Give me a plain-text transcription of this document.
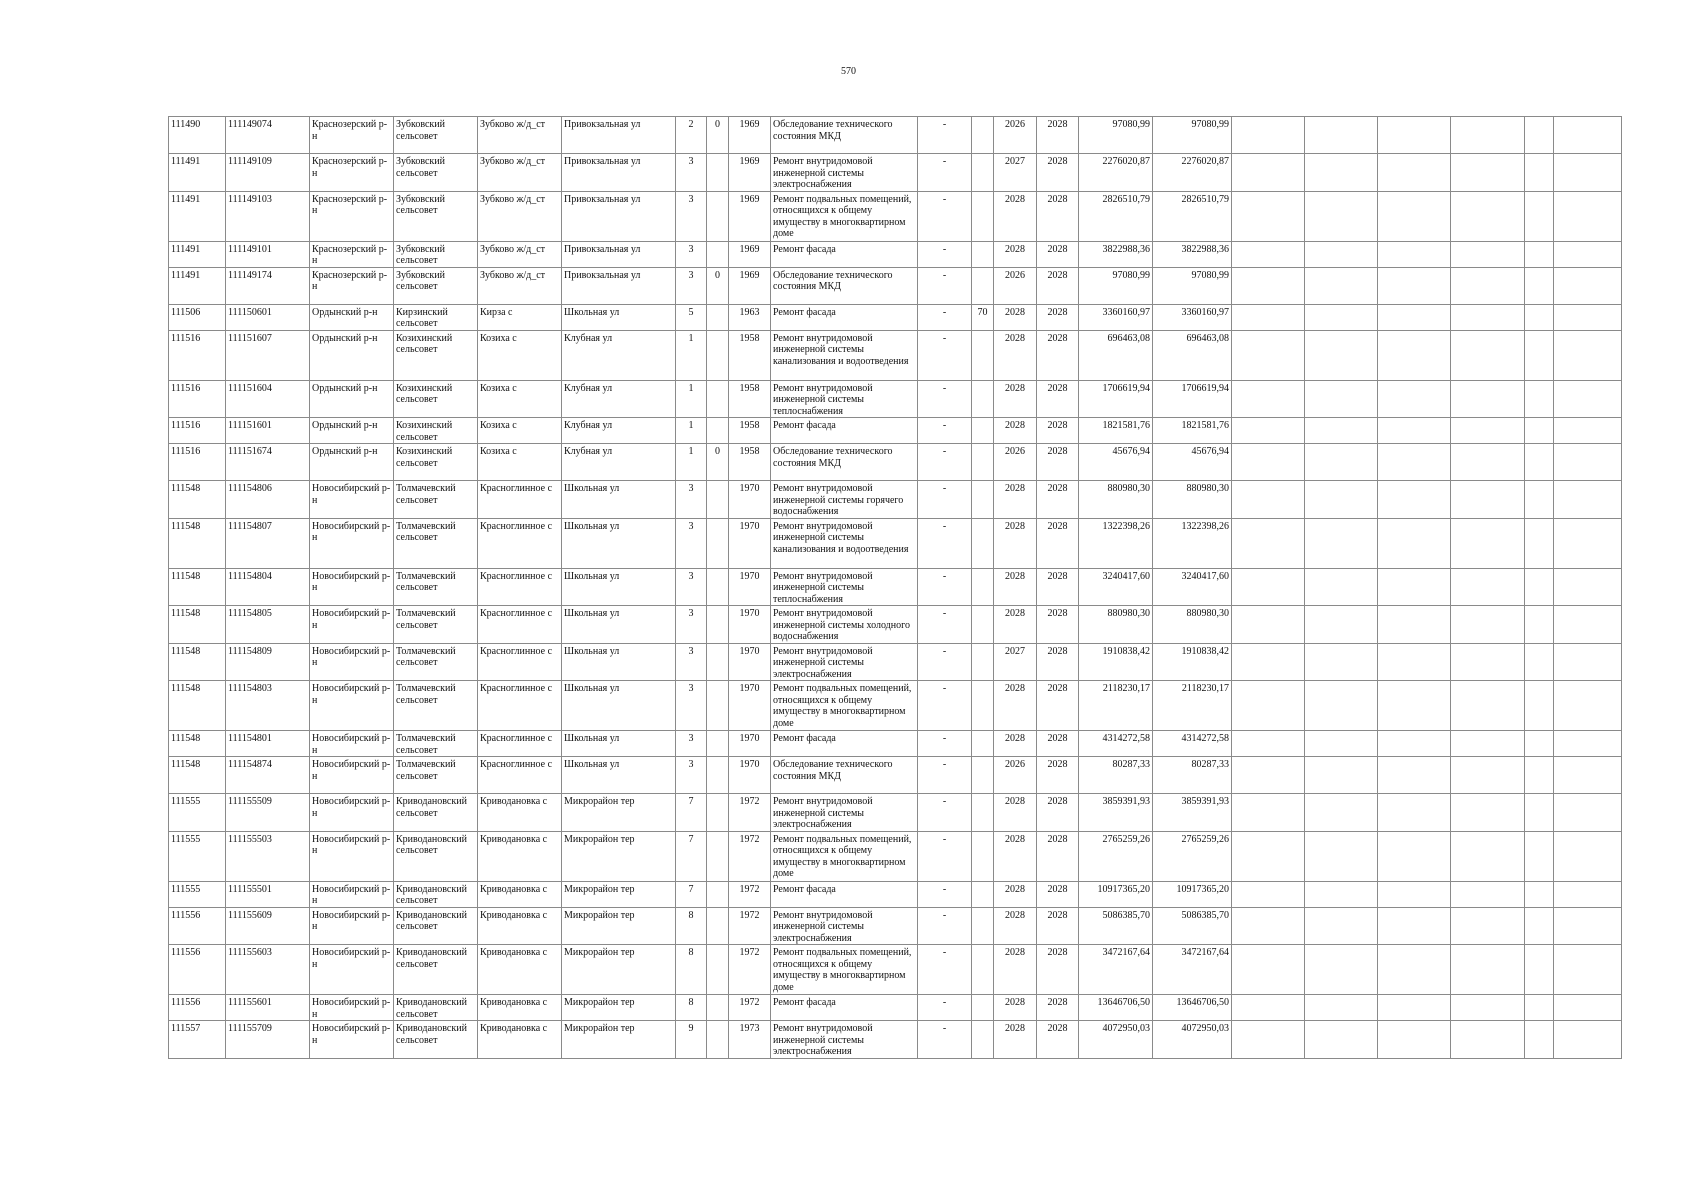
570
111490	111149074	Краснозерский р-н	Зубковский сельсовет	Зубково ж/д_ст	Привокзальная ул	2	0	1969	Обследование технического состояния МКД	-		2026	2028	97080,99	97080,99						
111491	111149109	Краснозерский р-н	Зубковский сельсовет	Зубково ж/д_ст	Привокзальная ул	3		1969	Ремонт внутридомовой инженерной системы электроснабжения	-		2027	2028	2276020,87	2276020,87						
111491	111149103	Краснозерский р-н	Зубковский сельсовет	Зубково ж/д_ст	Привокзальная ул	3		1969	Ремонт подвальных помещений, относящихся к общему имуществу в многоквартирном доме	-		2028	2028	2826510,79	2826510,79						
111491	111149101	Краснозерский р-н	Зубковский сельсовет	Зубково ж/д_ст	Привокзальная ул	3		1969	Ремонт фасада	-		2028	2028	3822988,36	3822988,36						
111491	111149174	Краснозерский р-н	Зубковский сельсовет	Зубково ж/д_ст	Привокзальная ул	3	0	1969	Обследование технического состояния МКД	-		2026	2028	97080,99	97080,99						
111506	111150601	Ордынский р-н	Кирзинский сельсовет	Кирза с	Школьная ул	5		1963	Ремонт фасада	-	70	2028	2028	3360160,97	3360160,97						
111516	111151607	Ордынский р-н	Козихинский сельсовет	Козиха с	Клубная ул	1		1958	Ремонт внутридомовой инженерной системы канализования и водоотведения	-		2028	2028	696463,08	696463,08						
111516	111151604	Ордынский р-н	Козихинский сельсовет	Козиха с	Клубная ул	1		1958	Ремонт внутридомовой инженерной системы теплоснабжения	-		2028	2028	1706619,94	1706619,94						
111516	111151601	Ордынский р-н	Козихинский сельсовет	Козиха с	Клубная ул	1		1958	Ремонт фасада	-		2028	2028	1821581,76	1821581,76						
111516	111151674	Ордынский р-н	Козихинский сельсовет	Козиха с	Клубная ул	1	0	1958	Обследование технического состояния МКД	-		2026	2028	45676,94	45676,94						
111548	111154806	Новосибирский р-н	Толмачевский сельсовет	Красноглинное с	Школьная ул	3		1970	Ремонт внутридомовой инженерной системы горячего водоснабжения	-		2028	2028	880980,30	880980,30						
111548	111154807	Новосибирский р-н	Толмачевский сельсовет	Красноглинное с	Школьная ул	3		1970	Ремонт внутридомовой инженерной системы канализования и водоотведения	-		2028	2028	1322398,26	1322398,26						
111548	111154804	Новосибирский р-н	Толмачевский сельсовет	Красноглинное с	Школьная ул	3		1970	Ремонт внутридомовой инженерной системы теплоснабжения	-		2028	2028	3240417,60	3240417,60						
111548	111154805	Новосибирский р-н	Толмачевский сельсовет	Красноглинное с	Школьная ул	3		1970	Ремонт внутридомовой инженерной системы холодного водоснабжения	-		2028	2028	880980,30	880980,30						
111548	111154809	Новосибирский р-н	Толмачевский сельсовет	Красноглинное с	Школьная ул	3		1970	Ремонт внутридомовой инженерной системы электроснабжения	-		2027	2028	1910838,42	1910838,42						
111548	111154803	Новосибирский р-н	Толмачевский сельсовет	Красноглинное с	Школьная ул	3		1970	Ремонт подвальных помещений, относящихся к общему имуществу в многоквартирном доме	-		2028	2028	2118230,17	2118230,17						
111548	111154801	Новосибирский р-н	Толмачевский сельсовет	Красноглинное с	Школьная ул	3		1970	Ремонт фасада	-		2028	2028	4314272,58	4314272,58						
111548	111154874	Новосибирский р-н	Толмачевский сельсовет	Красноглинное с	Школьная ул	3		1970	Обследование технического состояния МКД	-		2026	2028	80287,33	80287,33						
111555	111155509	Новосибирский р-н	Криводановский сельсовет	Криводановка с	Микрорайон тер	7		1972	Ремонт внутридомовой инженерной системы электроснабжения	-		2028	2028	3859391,93	3859391,93						
111555	111155503	Новосибирский р-н	Криводановский сельсовет	Криводановка с	Микрорайон тер	7		1972	Ремонт подвальных помещений, относящихся к общему имуществу в многоквартирном доме	-		2028	2028	2765259,26	2765259,26						
111555	111155501	Новосибирский р-н	Криводановский сельсовет	Криводановка с	Микрорайон тер	7		1972	Ремонт фасада	-		2028	2028	10917365,20	10917365,20						
111556	111155609	Новосибирский р-н	Криводановский сельсовет	Криводановка с	Микрорайон тер	8		1972	Ремонт внутридомовой инженерной системы электроснабжения	-		2028	2028	5086385,70	5086385,70						
111556	111155603	Новосибирский р-н	Криводановский сельсовет	Криводановка с	Микрорайон тер	8		1972	Ремонт подвальных помещений, относящихся к общему имуществу в многоквартирном доме	-		2028	2028	3472167,64	3472167,64						
111556	111155601	Новосибирский р-н	Криводановский сельсовет	Криводановка с	Микрорайон тер	8		1972	Ремонт фасада	-		2028	2028	13646706,50	13646706,50						
111557	111155709	Новосибирский р-н	Криводановский сельсовет	Криводановка с	Микрорайон тер	9		1973	Ремонт внутридомовой инженерной системы электроснабжения	-		2028	2028	4072950,03	4072950,03						
